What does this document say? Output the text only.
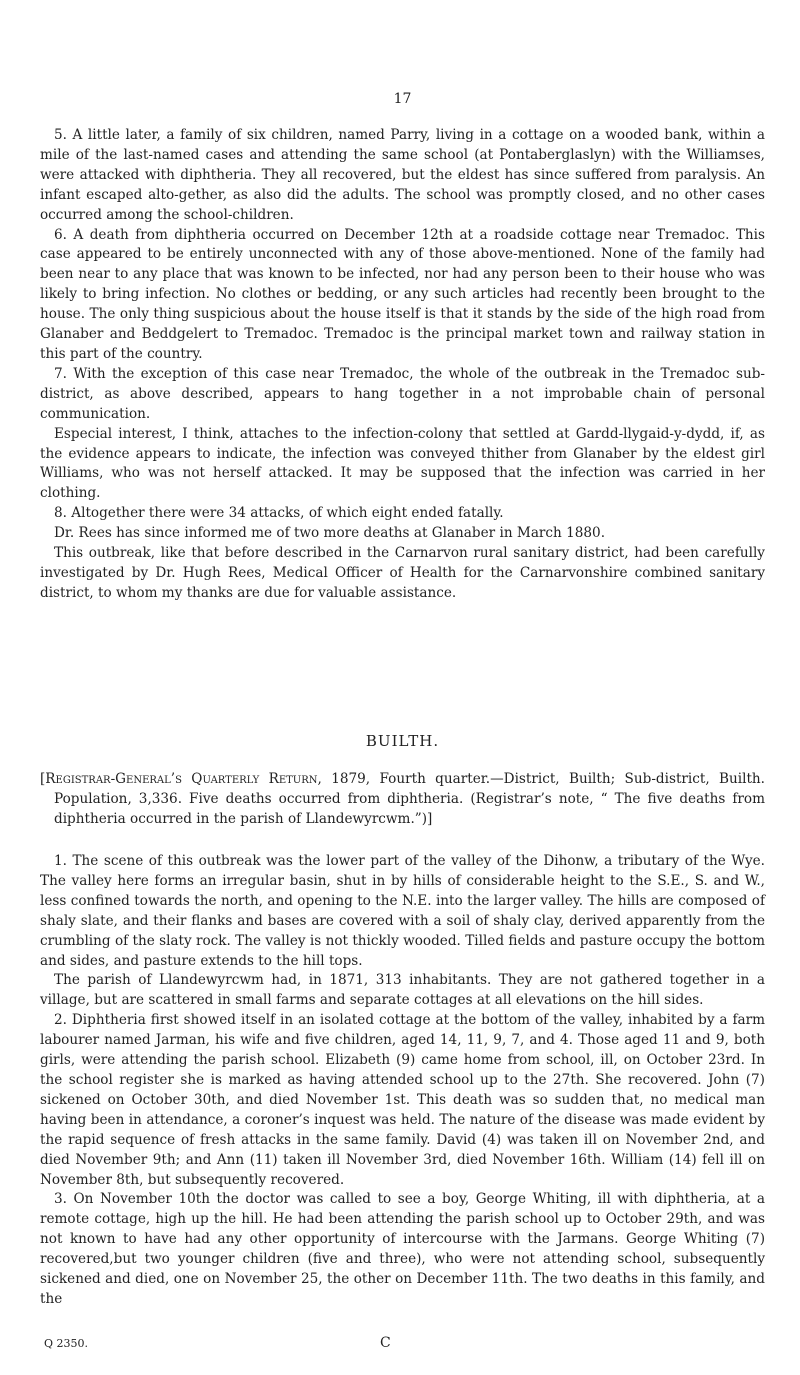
17

5. A little later, a family of six children, named Parry, living in a cottage on a wooded bank, within a mile of the last-named cases and attending the same school (at Pontaberglaslyn) with the Williamses, were attacked with diphtheria. They all recovered, but the eldest has since suffered from paralysis. An infant escaped alto-gether, as also did the adults. The school was promptly closed, and no other cases occurred among the school-children.

6. A death from diphtheria occurred on December 12th at a roadside cottage near Tremadoc. This case appeared to be entirely unconnected with any of those above-mentioned. None of the family had been near to any place that was known to be infected, nor had any person been to their house who was likely to bring infection. No clothes or bedding, or any such articles had recently been brought to the house. The only thing suspicious about the house itself is that it stands by the side of the high road from Glanaber and Beddgelert to Tremadoc. Tremadoc is the principal market town and railway station in this part of the country.

7. With the exception of this case near Tremadoc, the whole of the outbreak in the Tremadoc sub-district, as above described, appears to hang together in a not improbable chain of personal communication.

Especial interest, I think, attaches to the infection-colony that settled at Gardd-llygaid-y-dydd, if, as the evidence appears to indicate, the infection was conveyed thither from Glanaber by the eldest girl Williams, who was not herself attacked. It may be supposed that the infection was carried in her clothing.

8. Altogether there were 34 attacks, of which eight ended fatally.

Dr. Rees has since informed me of two more deaths at Glanaber in March 1880.

This outbreak, like that before described in the Carnarvon rural sanitary district, had been carefully investigated by Dr. Hugh Rees, Medical Officer of Health for the Carnarvonshire combined sanitary district, to whom my thanks are due for valuable assistance.

BUILTH.

[Registrar-General’s Quarterly Return, 1879, Fourth quarter.—District, Builth; Sub-district, Builth. Population, 3,336. Five deaths occurred from diphtheria. (Registrar’s note, “ The five deaths from diphtheria occurred in the parish of Llandewyrcwm.”)]

1. The scene of this outbreak was the lower part of the valley of the Dihonw, a tributary of the Wye. The valley here forms an irregular basin, shut in by hills of considerable height to the S.E., S. and W., less confined towards the north, and opening to the N.E. into the larger valley. The hills are composed of shaly slate, and their flanks and bases are covered with a soil of shaly clay, derived apparently from the crumbling of the slaty rock. The valley is not thickly wooded. Tilled fields and pasture occupy the bottom and sides, and pasture extends to the hill tops.

The parish of Llandewyrcwm had, in 1871, 313 inhabitants. They are not gathered together in a village, but are scattered in small farms and separate cottages at all elevations on the hill sides.

2. Diphtheria first showed itself in an isolated cottage at the bottom of the valley, inhabited by a farm labourer named Jarman, his wife and five children, aged 14, 11, 9, 7, and 4. Those aged 11 and 9, both girls, were attending the parish school. Elizabeth (9) came home from school, ill, on October 23rd. In the school register she is marked as having attended school up to the 27th. She recovered. John (7) sickened on October 30th, and died November 1st. This death was so sudden that, no medical man having been in attendance, a coroner’s inquest was held. The nature of the disease was made evident by the rapid sequence of fresh attacks in the same family. David (4) was taken ill on November 2nd, and died November 9th; and Ann (11) taken ill November 3rd, died November 16th. William (14) fell ill on November 8th, but subsequently recovered.

3. On November 10th the doctor was called to see a boy, George Whiting, ill with diphtheria, at a remote cottage, high up the hill. He had been attending the parish school up to October 29th, and was not known to have had any other opportunity of intercourse with the Jarmans. George Whiting (7) recovered,but two younger children (five and three), who were not attending school, subsequently sickened and died, one on November 25, the other on December 11th. The two deaths in this family, and the

Q 2350.	C
